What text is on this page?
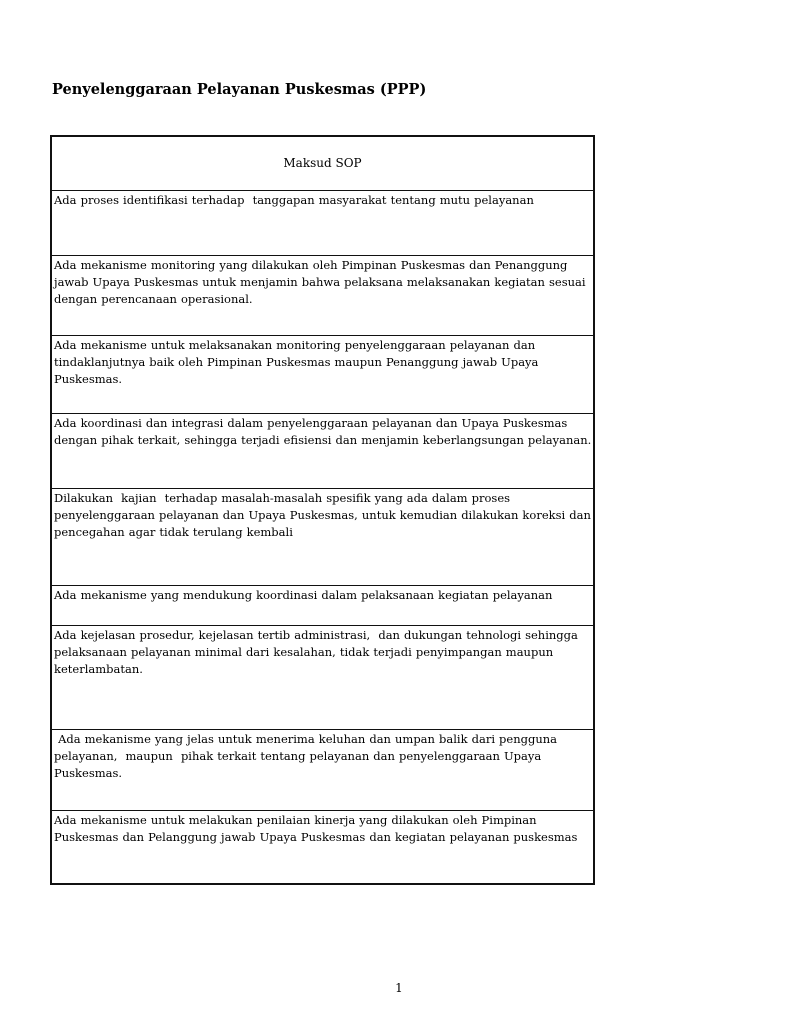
Penyelenggaraan Pelayanan Puskesmas (PPP)
Maksud SOP

Ada proses identifikasi terhadap  tanggapan masyarakat tentang mutu pelayanan

Ada mekanisme monitoring yang dilakukan oleh Pimpinan Puskesmas dan Penanggung jawab Upaya Puskesmas untuk menjamin bahwa pelaksana melaksanakan kegiatan sesuai dengan perencanaan operasional.

Ada mekanisme untuk melaksanakan monitoring penyelenggaraan pelayanan dan tindaklanjutnya baik oleh Pimpinan Puskesmas maupun Penanggung jawab Upaya Puskesmas.

Ada koordinasi dan integrasi dalam penyelenggaraan pelayanan dan Upaya Puskesmas dengan pihak terkait, sehingga terjadi efisiensi dan menjamin keberlangsungan pelayanan.

Dilakukan  kajian  terhadap masalah-masalah spesifik yang ada dalam proses penyelenggaraan pelayanan dan Upaya Puskesmas, untuk kemudian dilakukan koreksi dan pencegahan agar tidak terulang kembali

Ada mekanisme yang mendukung koordinasi dalam pelaksanaan kegiatan pelayanan

Ada kejelasan prosedur, kejelasan tertib administrasi,  dan dukungan tehnologi sehingga pelaksanaan pelayanan minimal dari kesalahan, tidak terjadi penyimpangan maupun keterlambatan.

Ada mekanisme yang jelas untuk menerima keluhan dan umpan balik dari pengguna pelayanan,  maupun  pihak terkait tentang pelayanan dan penyelenggaraan Upaya Puskesmas.

Ada mekanisme untuk melakukan penilaian kinerja yang dilakukan oleh Pimpinan Puskesmas dan Pelanggung jawab Upaya Puskesmas dan kegiatan pelayanan puskesmas
1
